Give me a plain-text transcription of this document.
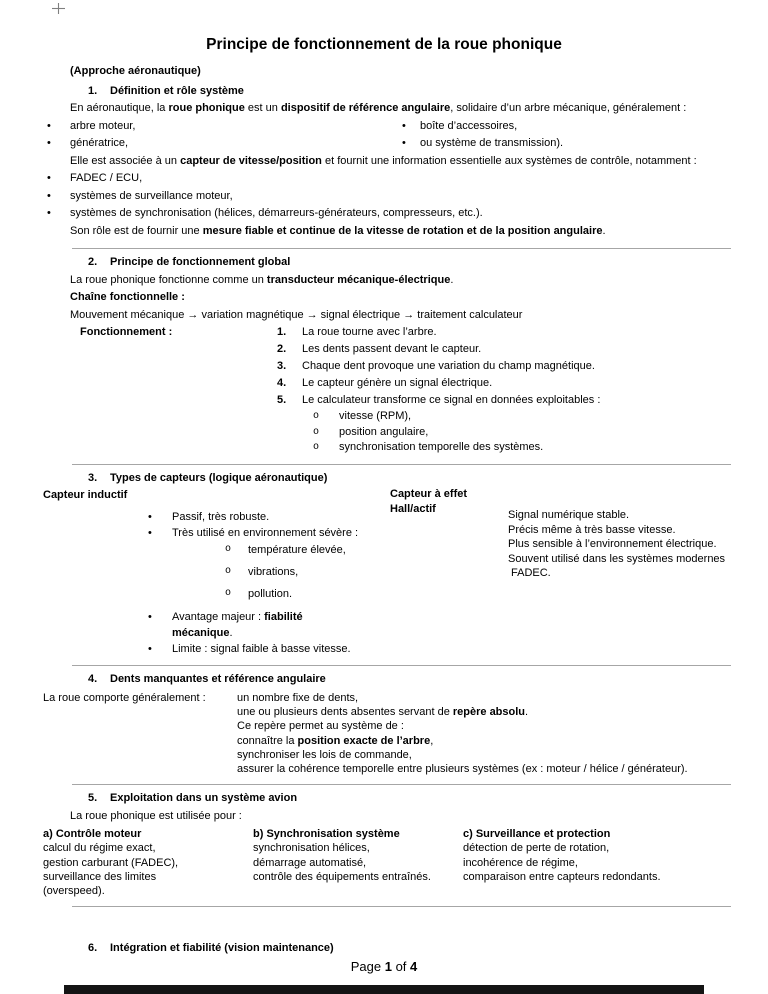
Principe de fonctionnement de la roue phonique
(Approche aéronautique)
1.	Définition et rôle système
En aéronautique, la roue phonique est un dispositif de référence angulaire, solidaire d’un arbre mécanique, généralement :
• arbre moteur,	• boîte d’accessoires,
• génératrice,	• ou système de transmission).
Elle est associée à un capteur de vitesse/position et fournit une information essentielle aux systèmes de contrôle, notamment :
• FADEC / ECU,
• systèmes de surveillance moteur,
• systèmes de synchronisation (hélices, démarreurs-générateurs, compresseurs, etc.).
Son rôle est de fournir une mesure fiable et continue de la vitesse de rotation et de la position angulaire.
2.	Principe de fonctionnement global
La roue phonique fonctionne comme un transducteur mécanique-électrique.
Chaîne fonctionnelle :
Mouvement mécanique → variation magnétique → signal électrique → traitement calculateur
Fonctionnement :	La roue tourne avec l’arbre.
Les dents passent devant le capteur.
Chaque dent provoque une variation du champ magnétique.
Le capteur génère un signal électrique.
Le calculateur transforme ce signal en données exploitables :
o vitesse (RPM),
o position angulaire,
o synchronisation temporelle des systèmes.
3.	Types de capteurs (logique aéronautique)
Capteur inductif	Capteur à effet
Hall/actif
• Passif, très robuste.
• Très utilisé en environnement sévère :
o température élevée,
o vibrations,
o pollution.
• Avantage majeur : fiabilité mécanique.
• Limite : signal faible à basse vitesse.
Signal numérique stable.
Précis même à très basse vitesse.
Plus sensible à l’environnement électrique.
Souvent utilisé dans les systèmes modernes
FADEC.
4.	Dents manquantes et référence angulaire
La roue comporte généralement :	un nombre fixe de dents,
une ou plusieurs dents absentes servant de repère absolu.
Ce repère permet au système de :
connaître la position exacte de l’arbre,
synchroniser les lois de commande,
assurer la cohérence temporelle entre plusieurs systèmes (ex : moteur / hélice / générateur).
5.	Exploitation dans un système avion
La roue phonique est utilisée pour :
a) Contrôle moteur
calcul du régime exact,
gestion carburant (FADEC),
surveillance des limites
(overspeed).
b) Synchronisation système
synchronisation hélices,
démarrage automatisé,
contrôle des équipements entraînés.
c) Surveillance et protection
détection de perte de rotation,
incohérence de régime,
comparaison entre capteurs redondants.
6.	Intégration et fiabilité (vision maintenance)
Page 1 of 4
